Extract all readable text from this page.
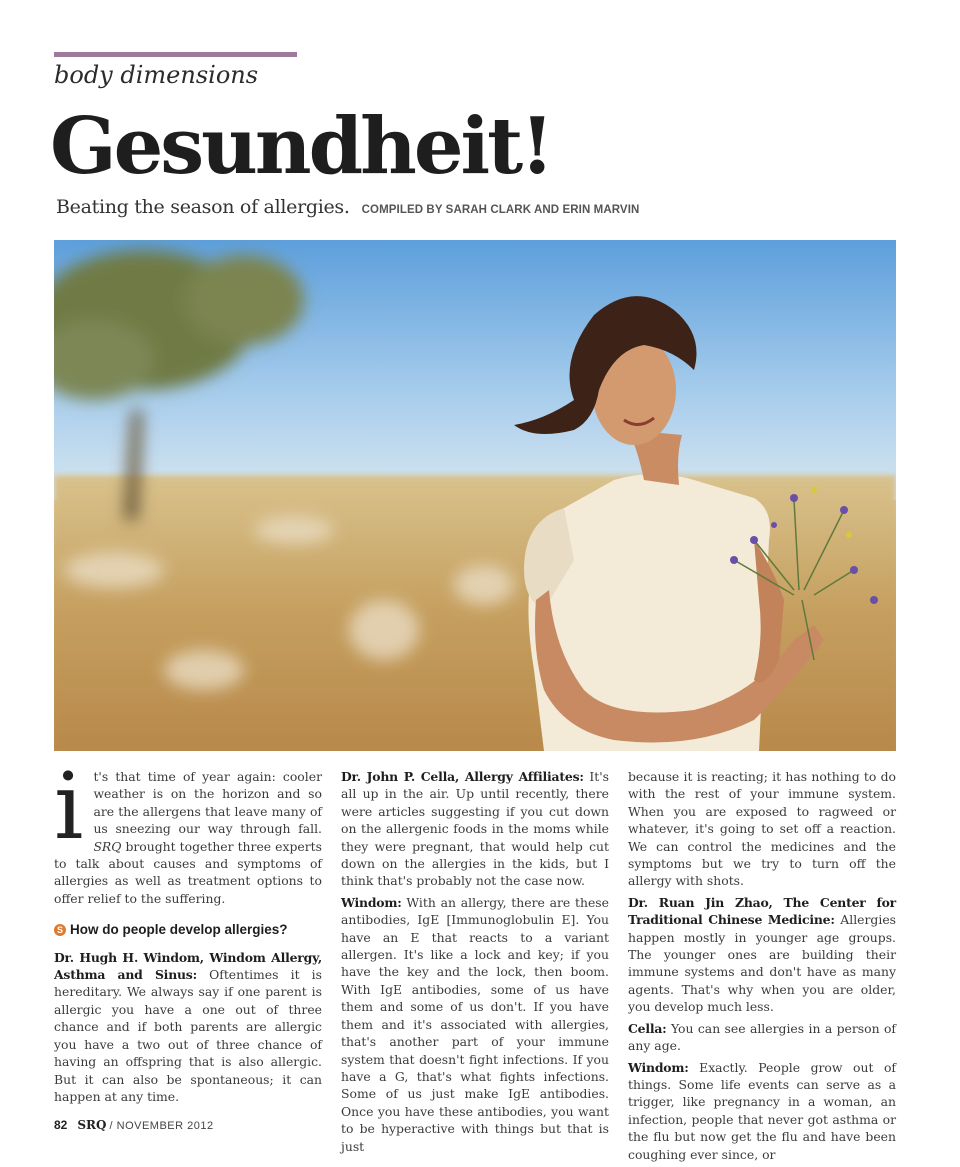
body dimensions
Gesundheit!
Beating the season of allergies. COMPILED BY SARAH CLARK AND ERIN MARVIN

it's that time of year again: cooler weather is on the horizon and so are the allergens that leave many of us sneezing our way through fall. SRQ brought together three experts to talk about causes and symptoms of allergies as well as treatment options to offer relief to the suffering.

S How do people develop allergies?

Dr. Hugh H. Windom, Windom Allergy, Asthma and Sinus: Oftentimes it is hereditary. We always say if one parent is allergic you have a one out of three chance and if both parents are allergic you have a two out of three chance of having an offspring that is also allergic. But it can also be spontaneous; it can happen at any time.

Dr. John P. Cella, Allergy Affiliates: It's all up in the air. Up until recently, there were articles suggesting if you cut down on the allergenic foods in the moms while they were pregnant, that would help cut down on the allergies in the kids, but I think that's probably not the case now.

Windom: With an allergy, there are these antibodies, IgE [Immunoglobulin E]. You have an E that reacts to a variant allergen. It's like a lock and key; if you have the key and the lock, then boom. With IgE antibodies, some of us have them and some of us don't. If you have them and it's associated with allergies, that's another part of your immune system that doesn't fight infections. If you have a G, that's what fights infections. Some of us just make IgE antibodies. Once you have these antibodies, you want to be hyperactive with things but that is just

because it is reacting; it has nothing to do with the rest of your immune system. When you are exposed to ragweed or whatever, it's going to set off a reaction. We can control the medicines and the symptoms but we try to turn off the allergy with shots.

Dr. Ruan Jin Zhao, The Center for Traditional Chinese Medicine: Allergies happen mostly in younger age groups. The younger ones are building their immune systems and don't have as many agents. That's why when you are older, you develop much less.

Cella: You can see allergies in a person of any age.

Windom: Exactly. People grow out of things. Some life events can serve as a trigger, like pregnancy in a woman, an infection, people that never got asthma or the flu but now get the flu and have been coughing ever since, or

82 SRQ / NOVEMBER 2012
